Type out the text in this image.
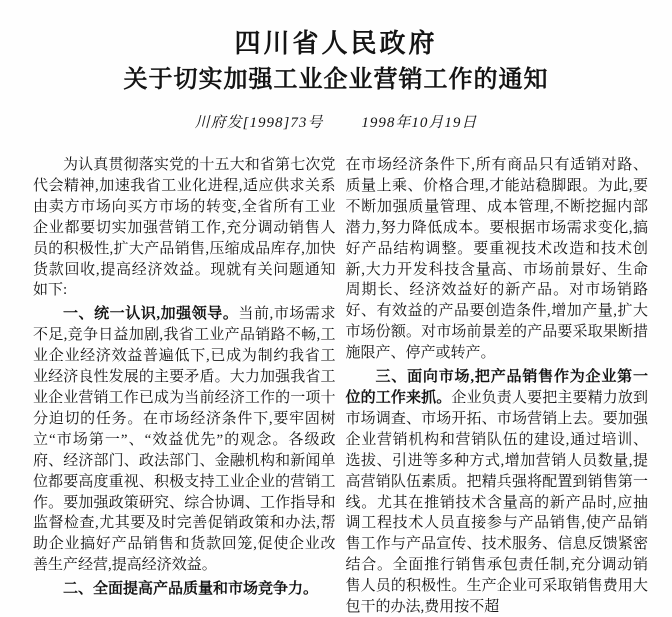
四川省人民政府
关于切实加强工业企业营销工作的通知
川府发[1998]73号	1998年10月19日

为认真贯彻落实党的十五大和省第七次党代会精神,加速我省工业化进程,适应供求关系由卖方市场向买方市场的转变,全省所有工业企业都要切实加强营销工作,充分调动销售人员的积极性,扩大产品销售,压缩成品库存,加快货款回收,提高经济效益。现就有关问题通知如下:

一、统一认识,加强领导。当前,市场需求不足,竞争日益加剧,我省工业产品销路不畅,工业企业经济效益普遍低下,已成为制约我省工业经济良性发展的主要矛盾。大力加强我省工业企业营销工作已成为当前经济工作的一项十分迫切的任务。在市场经济条件下,要牢固树立“市场第一”、“效益优先”的观念。各级政府、经济部门、政法部门、金融机构和新闻单位都要高度重视、积极支持工业企业的营销工作。要加强政策研究、综合协调、工作指导和监督检查,尤其要及时完善促销政策和办法,帮助企业搞好产品销售和货款回笼,促使企业改善生产经营,提高经济效益。

二、全面提高产品质量和市场竞争力。

在市场经济条件下,所有商品只有适销对路、质量上乘、价格合理,才能站稳脚跟。为此,要不断加强质量管理、成本管理,不断挖掘内部潜力,努力降低成本。要根据市场需求变化,搞好产品结构调整。要重视技术改造和技术创新,大力开发科技含量高、市场前景好、生命周期长、经济效益好的新产品。对市场销路好、有效益的产品要创造条件,增加产量,扩大市场份额。对市场前景差的产品要采取果断措施限产、停产或转产。

三、面向市场,把产品销售作为企业第一位的工作来抓。企业负责人要把主要精力放到市场调查、市场开拓、市场营销上去。要加强企业营销机构和营销队伍的建设,通过培训、选拔、引进等多种方式,增加营销人员数量,提高营销队伍素质。把精兵强将配置到销售第一线。尤其在推销技术含量高的新产品时,应抽调工程技术人员直接参与产品销售,使产品销售工作与产品宣传、技术服务、信息反馈紧密结合。全面推行销售承包责任制,充分调动销售人员的积极性。生产企业可采取销售费用大包干的办法,费用按不超
